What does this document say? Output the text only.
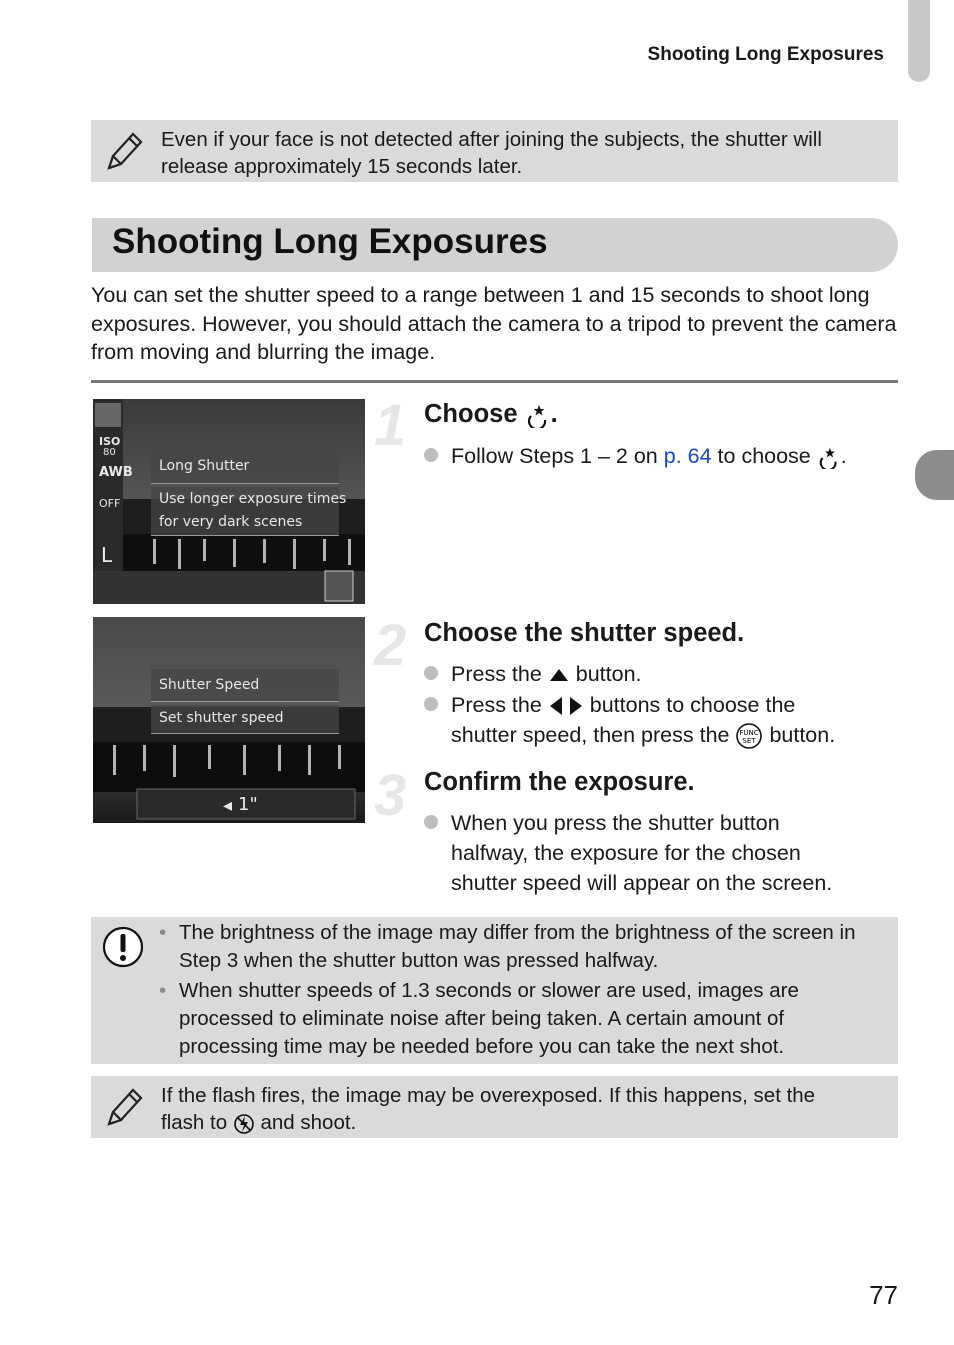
Shooting Long Exposures
Even if your face is not detected after joining the subjects, the shutter will release approximately 15 seconds later.
Shooting Long Exposures
You can set the shutter speed to a range between 1 and 15 seconds to shoot long exposures. However, you should attach the camera to a tripod to prevent the camera from moving and blurring the image.
ISO
80
AWB
OFF
L
Long Shutter
Use longer exposure times
for very dark scenes
1 Choose .
Follow Steps 1 – 2 on p. 64 to choose .
Shutter Speed
Set shutter speed
◂ 1"
2 Choose the shutter speed.
Press the  button.
Press the  buttons to choose the
shutter speed, then press the FUNC
SET button.
3 Confirm the exposure.
When you press the shutter button
halfway, the exposure for the chosen
shutter speed will appear on the screen.
• The brightness of the image may differ from the brightness of the screen in Step 3 when the shutter button was pressed halfway.
• When shutter speeds of 1.3 seconds or slower are used, images are processed to eliminate noise after being taken. A certain amount of processing time may be needed before you can take the next shot.
If the flash fires, the image may be overexposed. If this happens, set the
flash to  and shoot.
77
